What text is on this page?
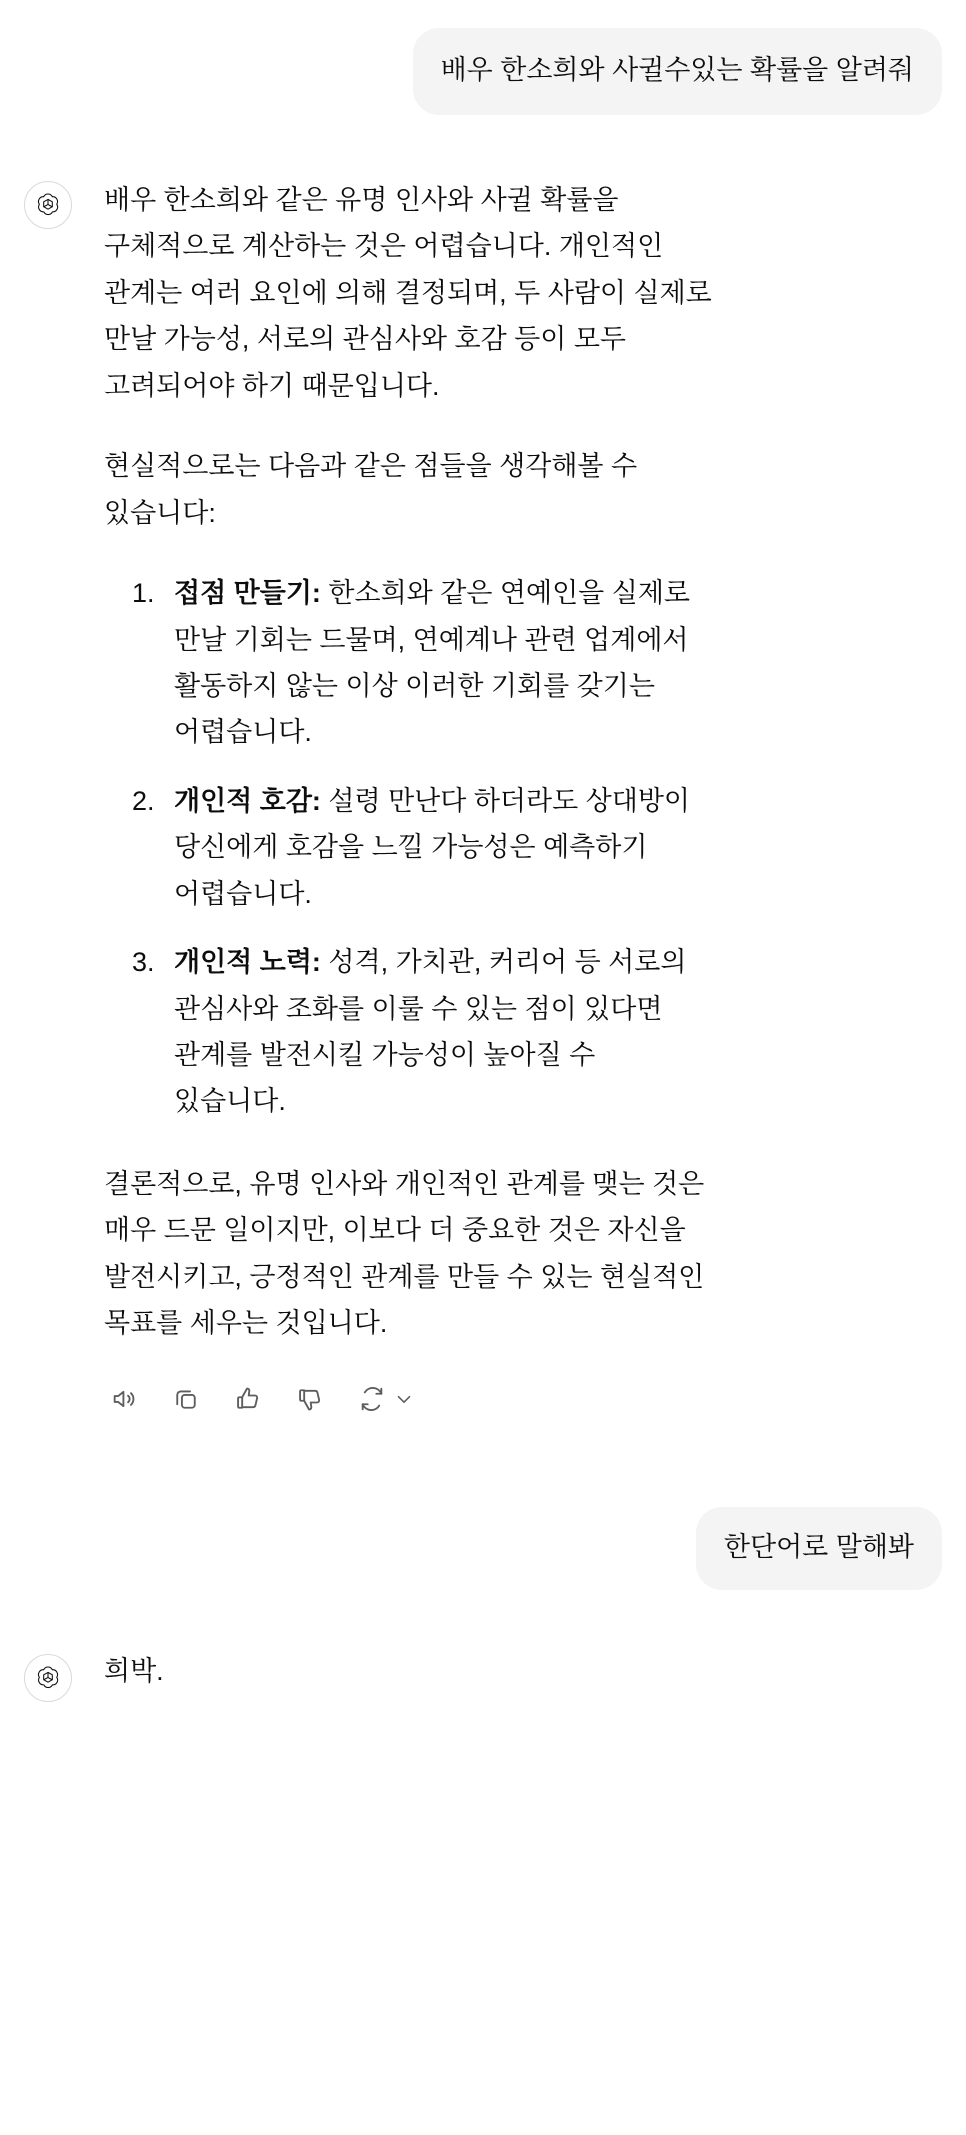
배우 한소희와 사귈수있는 확률을 알려줘

배우 한소희와 같은 유명 인사와 사귈 확률을 구체적으로 계산하는 것은 어렵습니다. 개인적인 관계는 여러 요인에 의해 결정되며, 두 사람이 실제로 만날 가능성, 서로의 관심사와 호감 등이 모두 고려되어야 하기 때문입니다.

현실적으로는 다음과 같은 점들을 생각해볼 수 있습니다:

1. 접점 만들기: 한소희와 같은 연예인을 실제로 만날 기회는 드물며, 연예계나 관련 업계에서 활동하지 않는 이상 이러한 기회를 갖기는 어렵습니다.
2. 개인적 호감: 설령 만난다 하더라도 상대방이 당신에게 호감을 느낄 가능성은 예측하기 어렵습니다.
3. 개인적 노력: 성격, 가치관, 커리어 등 서로의 관심사와 조화를 이룰 수 있는 점이 있다면 관계를 발전시킬 가능성이 높아질 수 있습니다.

결론적으로, 유명 인사와 개인적인 관계를 맺는 것은 매우 드문 일이지만, 이보다 더 중요한 것은 자신을 발전시키고, 긍정적인 관계를 만들 수 있는 현실적인 목표를 세우는 것입니다.

한단어로 말해봐
희박.
